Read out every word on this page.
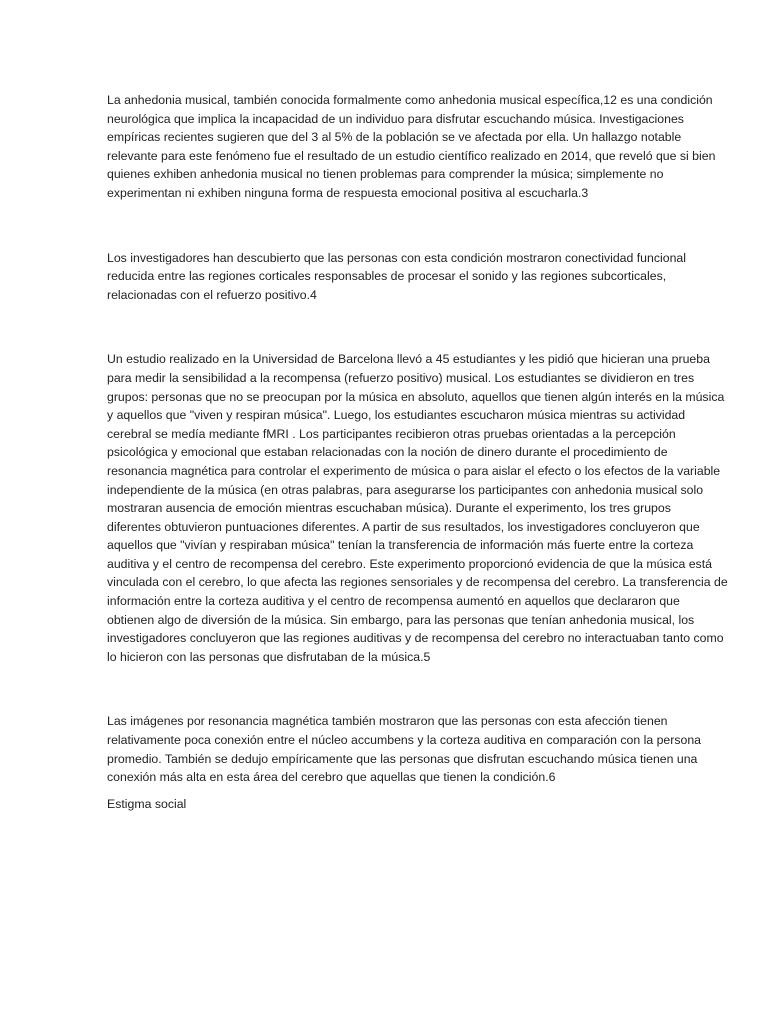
La anhedonia musical, también conocida formalmente como anhedonia musical específica,12 es una condición neurológica que implica la incapacidad de un individuo para disfrutar escuchando música. Investigaciones empíricas recientes sugieren que del 3 al 5% de la población se ve afectada por ella. Un hallazgo notable relevante para este fenómeno fue el resultado de un estudio científico realizado en 2014, que reveló que si bien quienes exhiben anhedonia musical no tienen problemas para comprender la música; simplemente no experimentan ni exhiben ninguna forma de respuesta emocional positiva al escucharla.3

Los investigadores han descubierto que las personas con esta condición mostraron conectividad funcional reducida entre las regiones corticales responsables de procesar el sonido y las regiones subcorticales, relacionadas con el refuerzo positivo.4

Un estudio realizado en la Universidad de Barcelona llevó a 45 estudiantes y les pidió que hicieran una prueba para medir la sensibilidad a la recompensa (refuerzo positivo) musical. Los estudiantes se dividieron en tres grupos: personas que no se preocupan por la música en absoluto, aquellos que tienen algún interés en la música y aquellos que "viven y respiran música". Luego, los estudiantes escucharon música mientras su actividad cerebral se medía mediante fMRI . Los participantes recibieron otras pruebas orientadas a la percepción psicológica y emocional que estaban relacionadas con la noción de dinero durante el procedimiento de resonancia magnética para controlar el experimento de música o para aislar el efecto o los efectos de la variable independiente de la música (en otras palabras, para asegurarse los participantes con anhedonia musical solo mostraran ausencia de emoción mientras escuchaban música). Durante el experimento, los tres grupos diferentes obtuvieron puntuaciones diferentes. A partir de sus resultados, los investigadores concluyeron que aquellos que "vivían y respiraban música" tenían la transferencia de información más fuerte entre la corteza auditiva y el centro de recompensa del cerebro. Este experimento proporcionó evidencia de que la música está vinculada con el cerebro, lo que afecta las regiones sensoriales y de recompensa del cerebro. La transferencia de información entre la corteza auditiva y el centro de recompensa aumentó en aquellos que declararon que obtienen algo de diversión de la música. Sin embargo, para las personas que tenían anhedonia musical, los investigadores concluyeron que las regiones auditivas y de recompensa del cerebro no interactuaban tanto como lo hicieron con las personas que disfrutaban de la música.5

Las imágenes por resonancia magnética también mostraron que las personas con esta afección tienen relativamente poca conexión entre el núcleo accumbens y la corteza auditiva en comparación con la persona promedio. También se dedujo empíricamente que las personas que disfrutan escuchando música tienen una conexión más alta en esta área del cerebro que aquellas que tienen la condición.6

Estigma social
